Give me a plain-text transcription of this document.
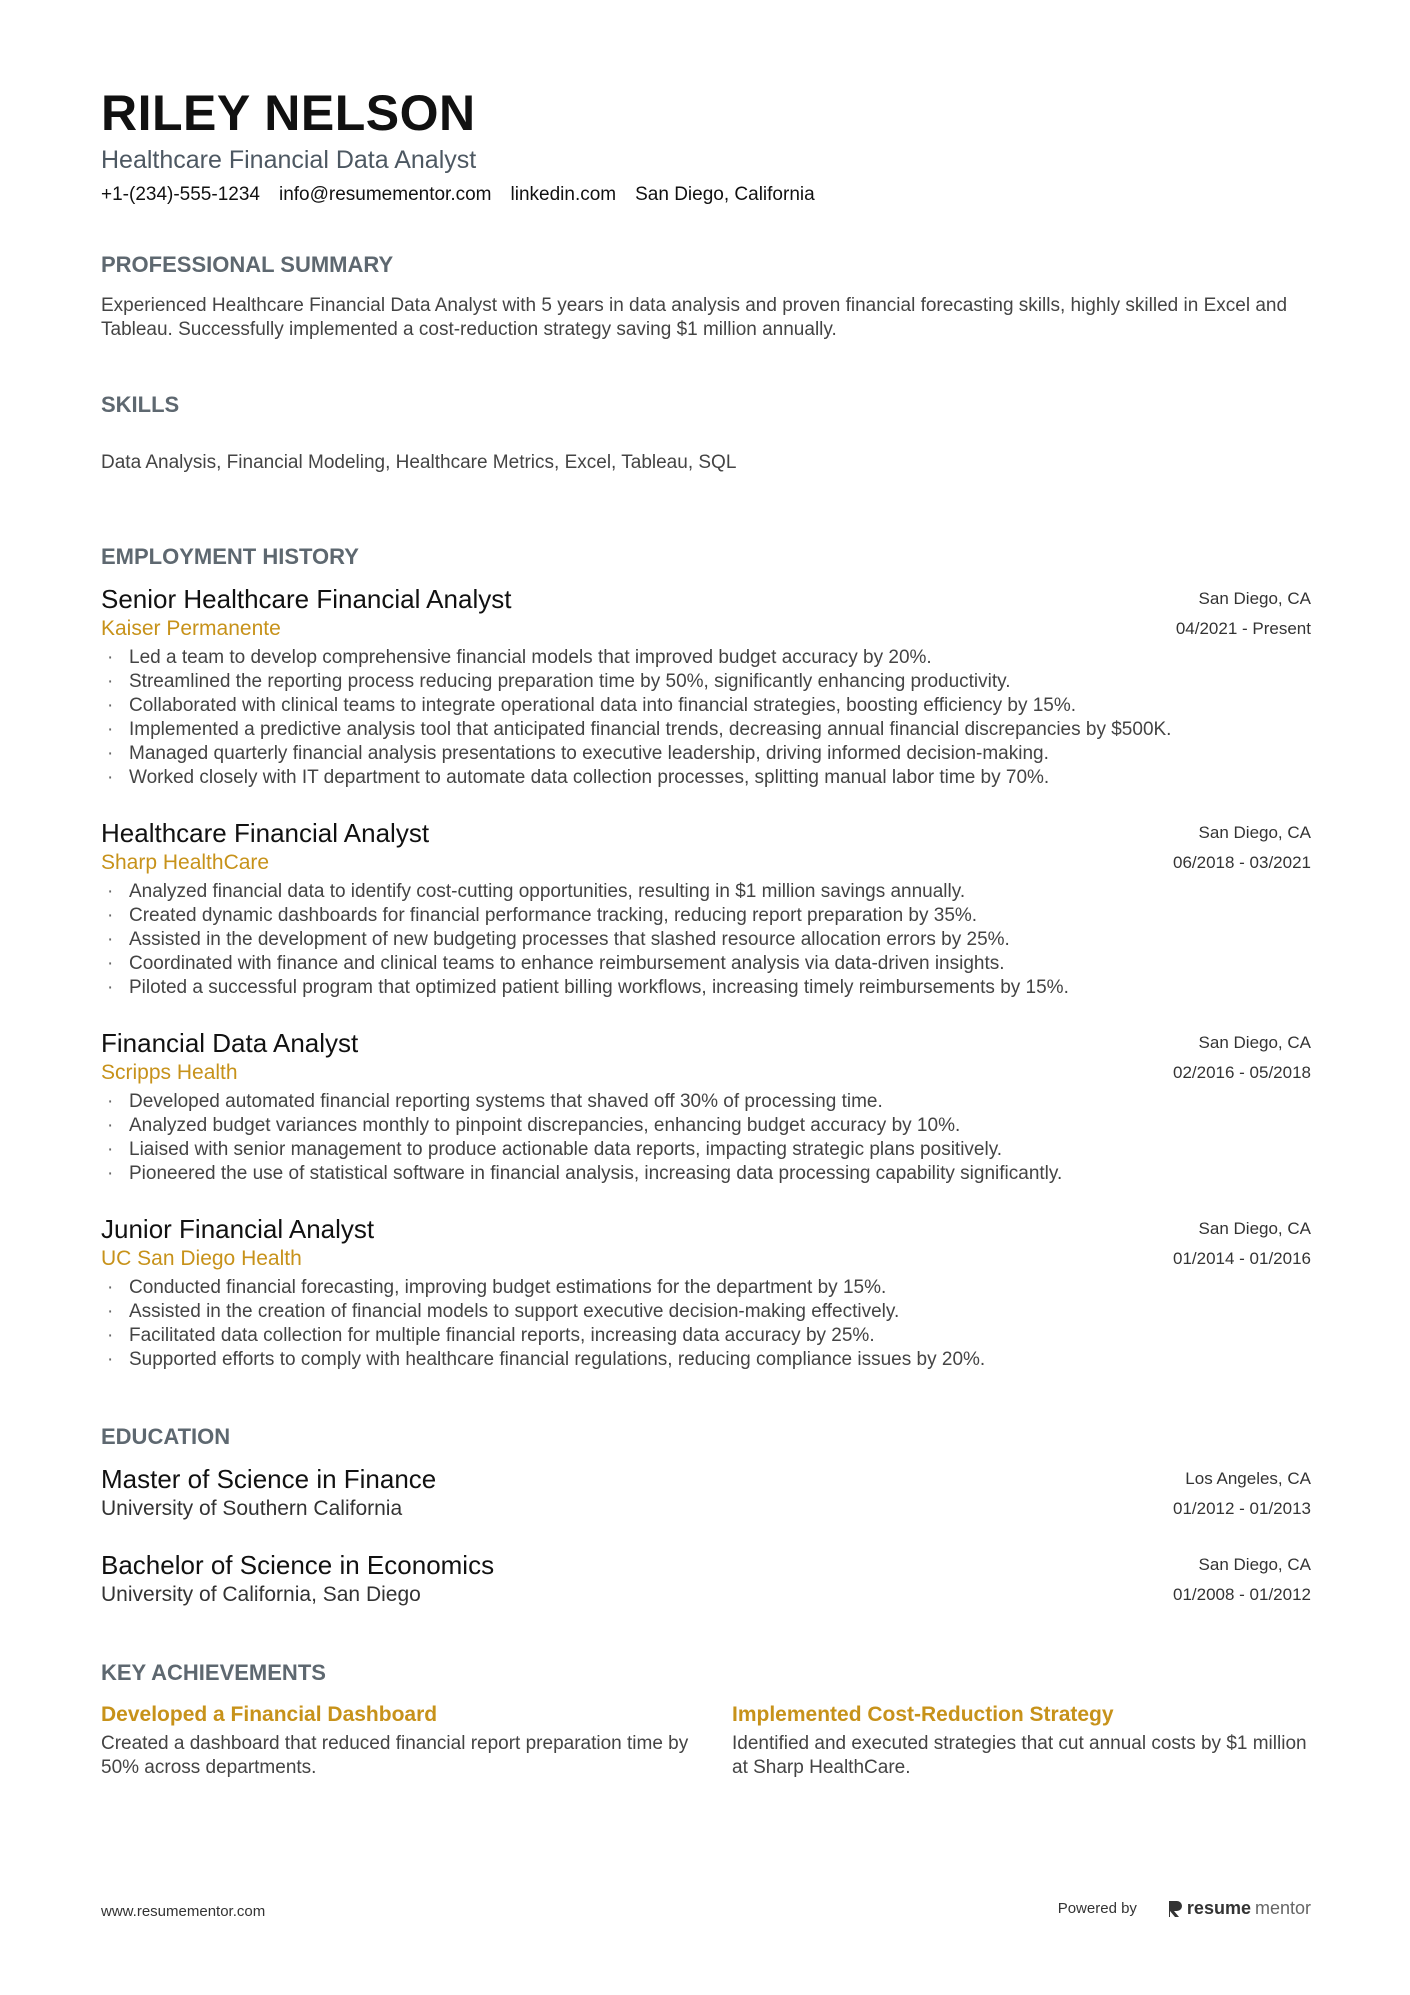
RILEY NELSON
Healthcare Financial Data Analyst
+1-(234)-555-1234 info@resumementor.com linkedin.com San Diego, California
PROFESSIONAL SUMMARY

Experienced Healthcare Financial Data Analyst with 5 years in data analysis and proven financial forecasting skills, highly skilled in Excel and Tableau. Successfully implemented a cost-reduction strategy saving $1 million annually.

SKILLS

Data Analysis, Financial Modeling, Healthcare Metrics, Excel, Tableau, SQL

EMPLOYMENT HISTORY
Senior Healthcare Financial Analyst	San Diego, CA
Kaiser Permanente	04/2021 - Present
· Led a team to develop comprehensive financial models that improved budget accuracy by 20%.
· Streamlined the reporting process reducing preparation time by 50%, significantly enhancing productivity.
· Collaborated with clinical teams to integrate operational data into financial strategies, boosting efficiency by 15%.
· Implemented a predictive analysis tool that anticipated financial trends, decreasing annual financial discrepancies by $500K.
· Managed quarterly financial analysis presentations to executive leadership, driving informed decision-making.
· Worked closely with IT department to automate data collection processes, splitting manual labor time by 70%.
Healthcare Financial Analyst	San Diego, CA
Sharp HealthCare	06/2018 - 03/2021
· Analyzed financial data to identify cost-cutting opportunities, resulting in $1 million savings annually.
· Created dynamic dashboards for financial performance tracking, reducing report preparation by 35%.
· Assisted in the development of new budgeting processes that slashed resource allocation errors by 25%.
· Coordinated with finance and clinical teams to enhance reimbursement analysis via data-driven insights.
· Piloted a successful program that optimized patient billing workflows, increasing timely reimbursements by 15%.
Financial Data Analyst	San Diego, CA
Scripps Health	02/2016 - 05/2018
· Developed automated financial reporting systems that shaved off 30% of processing time.
· Analyzed budget variances monthly to pinpoint discrepancies, enhancing budget accuracy by 10%.
· Liaised with senior management to produce actionable data reports, impacting strategic plans positively.
· Pioneered the use of statistical software in financial analysis, increasing data processing capability significantly.
Junior Financial Analyst	San Diego, CA
UC San Diego Health	01/2014 - 01/2016
· Conducted financial forecasting, improving budget estimations for the department by 15%.
· Assisted in the creation of financial models to support executive decision-making effectively.
· Facilitated data collection for multiple financial reports, increasing data accuracy by 25%.
· Supported efforts to comply with healthcare financial regulations, reducing compliance issues by 20%.
EDUCATION
Master of Science in Finance	Los Angeles, CA
University of Southern California	01/2012 - 01/2013
Bachelor of Science in Economics	San Diego, CA
University of California, San Diego	01/2008 - 01/2012
KEY ACHIEVEMENTS
Developed a Financial Dashboard
Created a dashboard that reduced financial report preparation time by 50% across departments.
Implemented Cost-Reduction Strategy
Identified and executed strategies that cut annual costs by $1 million at Sharp HealthCare.
www.resumementor.com	Powered by	resume mentor
